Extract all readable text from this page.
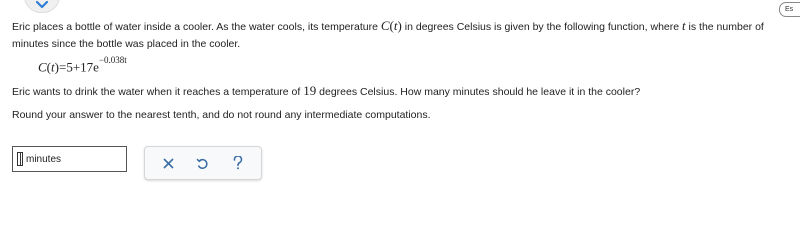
Es
Eric places a bottle of water inside a cooler. As the water cools, its temperature C(t) in degrees Celsius is given by the following function, where t is the number of minutes since the bottle was placed in the cooler.
$C(t)=5+17e^{-0.038t}$
Eric wants to drink the water when it reaches a temperature of 19 degrees Celsius. How many minutes should he leave it in the cooler?
Round your answer to the nearest tenth, and do not round any intermediate computations.
minutes
